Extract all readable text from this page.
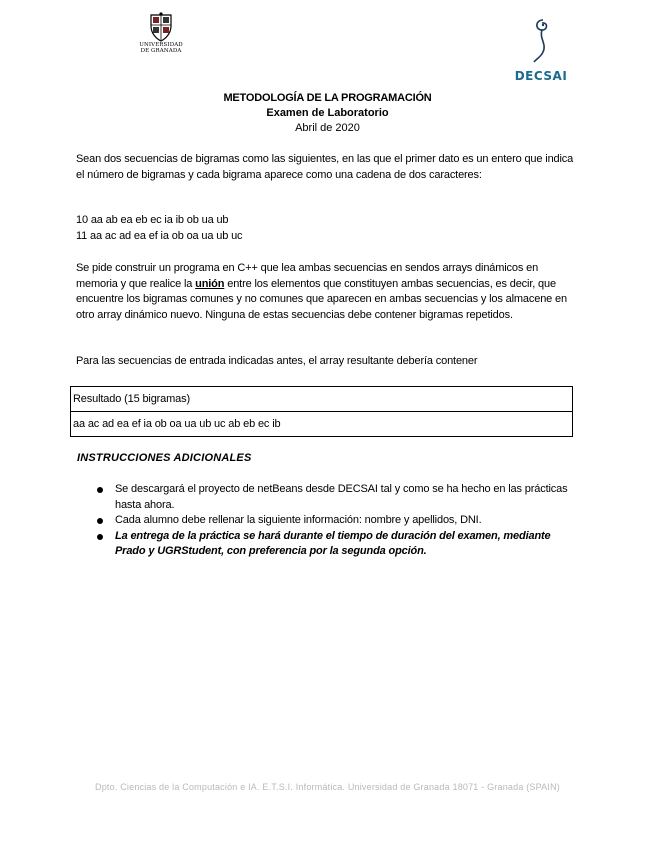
UNIVERSIDAD
DE GRANADA
DECSAI
METODOLOGÍA DE LA PROGRAMACIÓN
Examen de Laboratorio
Abril de 2020
Sean dos secuencias de bigramas como las siguientes, en las que el primer dato es un entero que indica el número de bigramas y cada bigrama aparece como una cadena de dos caracteres:
10 aa ab ea eb ec ia ib ob ua ub
11 aa ac ad ea ef ia ob oa ua ub uc
Se pide construir un programa en C++ que lea ambas secuencias en sendos arrays dinámicos en memoria y que realice la unión entre los elementos que constituyen ambas secuencias, es decir, que encuentre los bigramas comunes y no comunes que aparecen en ambas secuencias y los almacene en otro array dinámico nuevo. Ninguna de estas secuencias debe contener bigramas repetidos.
Para las secuencias de entrada indicadas antes, el array resultante debería contener
Resultado (15 bigramas)
aa ac ad ea ef ia ob oa ua ub uc ab eb ec ib
INSTRUCCIONES ADICIONALES
Se descargará el proyecto de netBeans desde DECSAI tal y como se ha hecho en las prácticas hasta ahora.
Cada alumno debe rellenar la siguiente información: nombre y apellidos, DNI.
La entrega de la práctica se hará durante el tiempo de duración del examen, mediante Prado y UGRStudent, con preferencia por la segunda opción.
Dpto. Ciencias de la Computación e IA. E.T.S.I. Informática. Universidad de Granada 18071 - Granada (SPAIN)
